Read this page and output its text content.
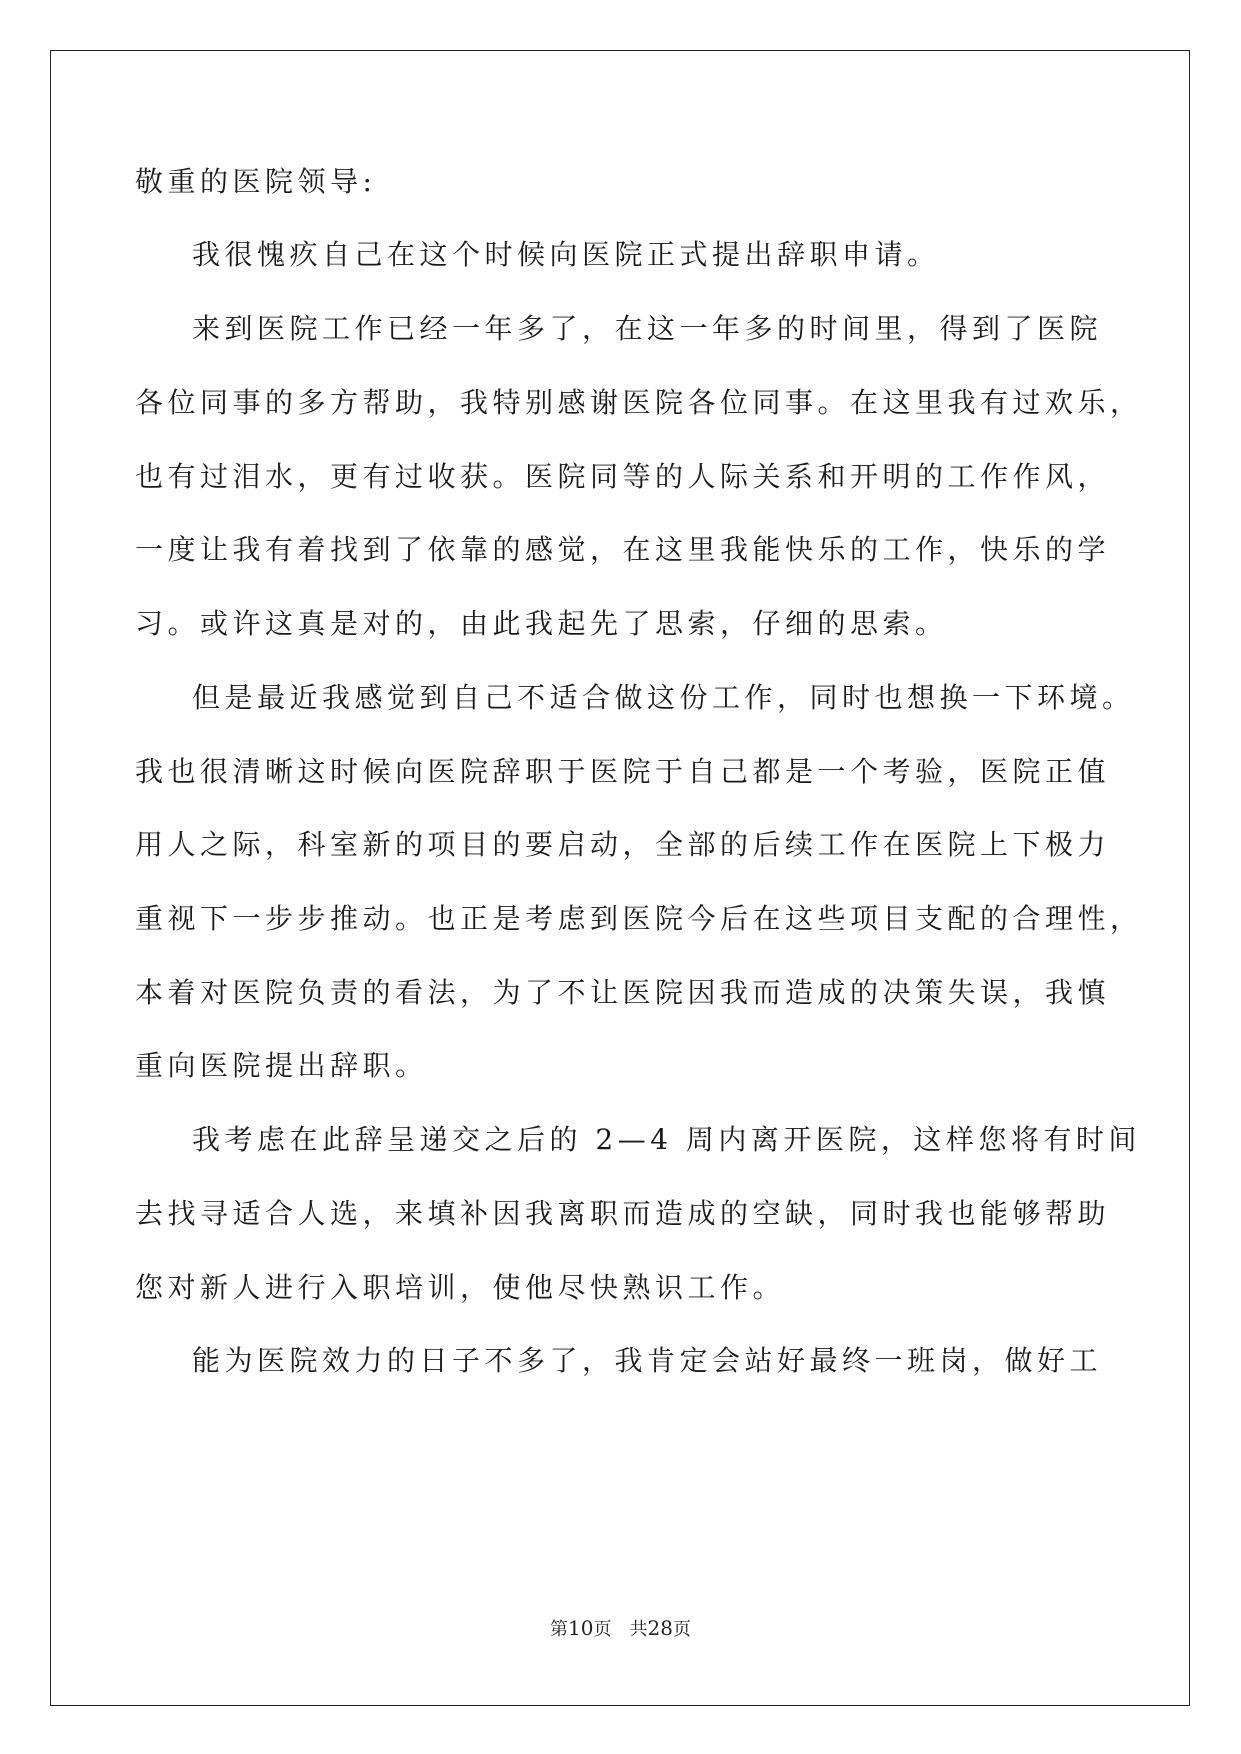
敬重的医院领导:
我很愧疚自己在这个时候向医院正式提出辞职申请。
来到医院工作已经一年多了，在这一年多的时间里，得到了医院
各位同事的多方帮助，我特别感谢医院各位同事。在这里我有过欢乐，
也有过泪水，更有过收获。医院同等的人际关系和开明的工作作风，
一度让我有着找到了依靠的感觉，在这里我能快乐的工作，快乐的学
习。或许这真是对的，由此我起先了思索，仔细的思索。
但是最近我感觉到自己不适合做这份工作，同时也想换一下环境。
我也很清晰这时候向医院辞职于医院于自己都是一个考验，医院正值
用人之际，科室新的项目的要启动，全部的后续工作在医院上下极力
重视下一步步推动。也正是考虑到医院今后在这些项目支配的合理性，
本着对医院负责的看法，为了不让医院因我而造成的决策失误，我慎
重向医院提出辞职。
我考虑在此辞呈递交之后的 2—4 周内离开医院，这样您将有时间
去找寻适合人选，来填补因我离职而造成的空缺，同时我也能够帮助
您对新人进行入职培训，使他尽快熟识工作。
能为医院效力的日子不多了，我肯定会站好最终一班岗，做好工
第10页 共28页
